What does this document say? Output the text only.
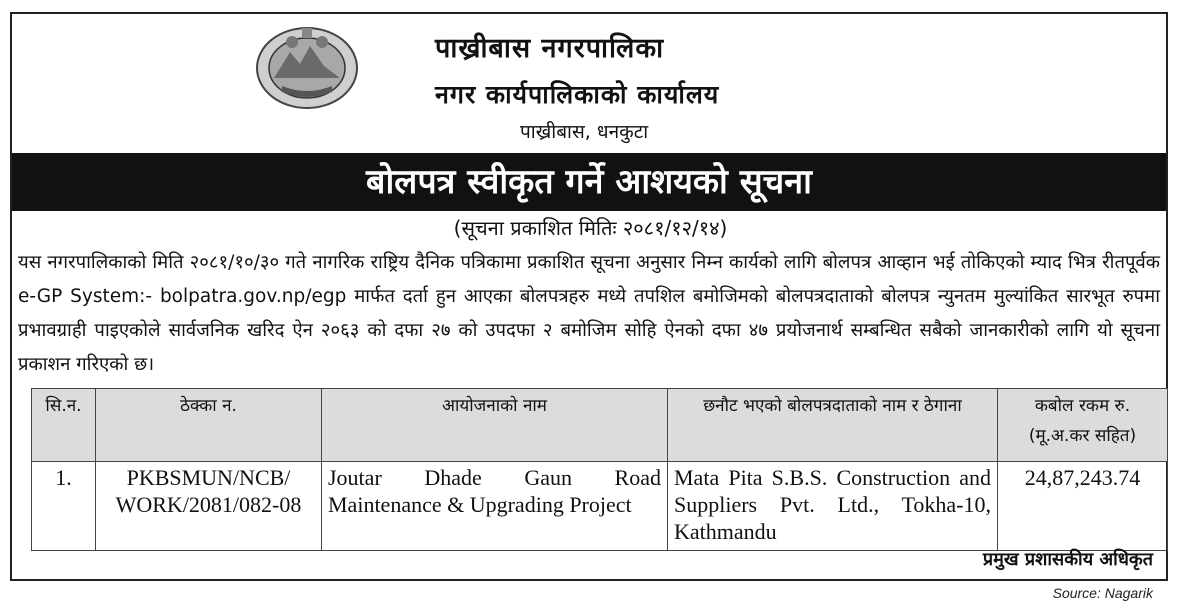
पाख्रीबास नगरपालिका
नगर कार्यपालिकाको कार्यालय
पाख्रीबास, धनकुटा
बोलपत्र स्वीकृत गर्ने आशयको सूचना
(सूचना प्रकाशित मितिः २०८१/१२/१४)
यस नगरपालिकाको मिति २०८१/१०/३० गते नागरिक राष्ट्रिय दैनिक पत्रिकामा प्रकाशित सूचना अनुसार निम्न कार्यको लागि बोलपत्र आव्हान भई तोकिएको म्याद भित्र रीतपूर्वक e-GP System:- bolpatra.gov.np/egp मार्फत दर्ता हुन आएका बोलपत्रहरु मध्ये तपशिल बमोजिमको बोलपत्रदाताको बोलपत्र न्युनतम मुल्यांकित सारभूत रुपमा प्रभावग्राही पाइएकोले सार्वजनिक खरिद ऐन २०६३ को दफा २७ को उपदफा २ बमोजिम सोहि ऐनको दफा ४७ प्रयोजनार्थ सम्बन्धित सबैको जानकारीको लागि यो सूचना प्रकाशन गरिएको छ।
सि.न.	ठेक्का न.	आयोजनाको नाम	छनौट भएको बोलपत्रदाताको नाम र ठेगाना	कबोल रकम रु. (मू.अ.कर सहित)
1.	PKBSMUN/NCB/ WORK/2081/082-08	Joutar Dhade Gaun Road Maintenance & Upgrading Project	Mata Pita S.B.S. Construction and Suppliers Pvt. Ltd., Tokha-10, Kathmandu	24,87,243.74
प्रमुख प्रशासकीय अधिकृत
Source: Nagarik
